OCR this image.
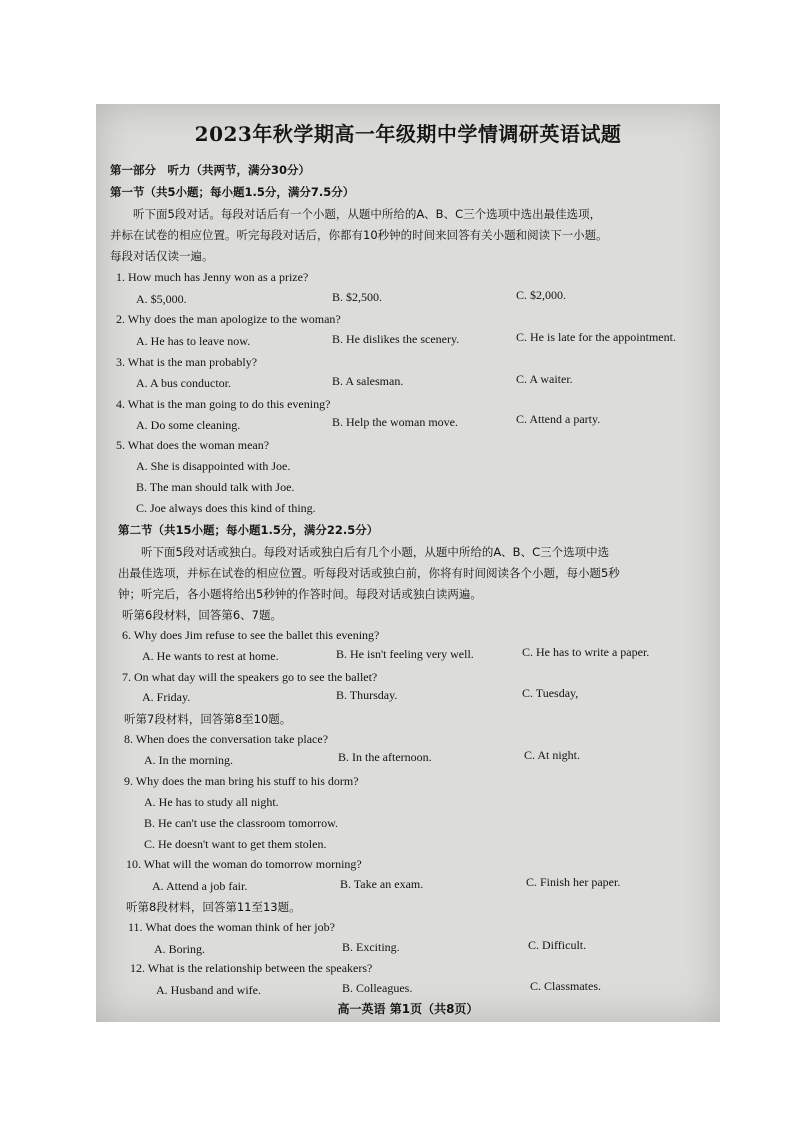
2023年秋学期高一年级期中学情调研英语试题
第一部分　听力（共两节，满分30分）
第一节（共5小题；每小题1.5分，满分7.5分）
　　听下面5段对话。每段对话后有一个小题，从题中所给的A、B、C三个选项中选出最佳选项，
并标在试卷的相应位置。听完每段对话后，你都有10秒钟的时间来回答有关小题和阅读下一小题。
每段对话仅读一遍。
1. How much has Jenny won as a prize?
A. $5,000.	B. $2,500.	C. $2,000.
2. Why does the man apologize to the woman?
A. He has to leave now.	B. He dislikes the scenery.	C. He is late for the appointment.
3. What is the man probably?
A. A bus conductor.	B. A salesman.	C. A waiter.
4. What is the man going to do this evening?
A. Do some cleaning.	B. Help the woman move.	C. Attend a party.
5. What does the woman mean?
A. She is disappointed with Joe.
B. The man should talk with Joe.
C. Joe always does this kind of thing.
第二节（共15小题；每小题1.5分，满分22.5分）
　　听下面5段对话或独白。每段对话或独白后有几个小题，从题中所给的A、B、C三个选项中选
出最佳选项，并标在试卷的相应位置。听每段对话或独白前，你将有时间阅读各个小题，每小题5秒
钟；听完后，各小题将给出5秒钟的作答时间。每段对话或独白读两遍。
听第6段材料，回答第6、7题。
6. Why does Jim refuse to see the ballet this evening?
A. He wants to rest at home.	B. He isn't feeling very well.	C. He has to write a paper.
7. On what day will the speakers go to see the ballet?
A. Friday.	B. Thursday.	C. Tuesday,
听第7段材料，回答第8至10题。
8. When does the conversation take place?
A. In the morning.	B. In the afternoon.	C. At night.
9. Why does the man bring his stuff to his dorm?
A. He has to study all night.
B. He can't use the classroom tomorrow.
C. He doesn't want to get them stolen.
10. What will the woman do tomorrow morning?
A. Attend a job fair.	B. Take an exam.	C. Finish her paper.
听第8段材料，回答第11至13题。
11. What does the woman think of her job?
A. Boring.	B. Exciting.	C. Difficult.
12. What is the relationship between the speakers?
A. Husband and wife.	B. Colleagues.	C. Classmates.
高一英语 第1页（共8页）
